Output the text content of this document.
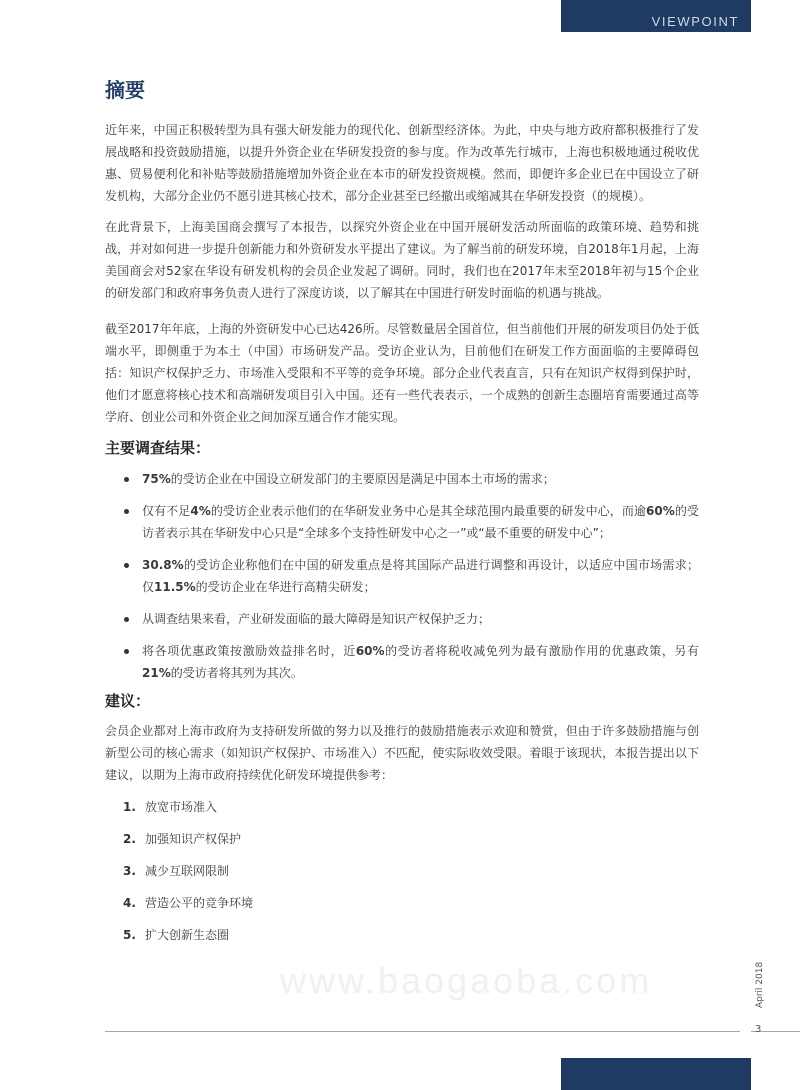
VIEWPOINT
摘要

近年来，中国正积极转型为具有强大研发能力的现代化、创新型经济体。为此，中央与地方政府都积极推行了发展战略和投资鼓励措施，以提升外资企业在华研发投资的参与度。作为改革先行城市，上海也积极地通过税收优惠、贸易便利化和补贴等鼓励措施增加外资企业在本市的研发投资规模。然而，即便许多企业已在中国设立了研发机构，大部分企业仍不愿引进其核心技术，部分企业甚至已经撤出或缩减其在华研发投资（的规模）。

在此背景下，上海美国商会撰写了本报告，以探究外资企业在中国开展研发活动所面临的政策环境、趋势和挑战，并对如何进一步提升创新能力和外资研发水平提出了建议。为了解当前的研发环境，自2018年1月起，上海美国商会对52家在华设有研发机构的会员企业发起了调研。同时，我们也在2017年末至2018年初与15个企业的研发部门和政府事务负责人进行了深度访谈，以了解其在中国进行研发时面临的机遇与挑战。

截至2017年年底，上海的外资研发中心已达426所。尽管数量居全国首位，但当前他们开展的研发项目仍处于低端水平，即侧重于为本土（中国）市场研发产品。受访企业认为，目前他们在研发工作方面面临的主要障碍包括：知识产权保护乏力、市场准入受限和不平等的竞争环境。部分企业代表直言，只有在知识产权得到保护时，他们才愿意将核心技术和高端研发项目引入中国。还有一些代表表示，一个成熟的创新生态圈培育需要通过高等学府、创业公司和外资企业之间加深互通合作才能实现。

主要调查结果：
75%的受访企业在中国设立研发部门的主要原因是满足中国本土市场的需求；
仅有不足4%的受访企业表示他们的在华研发业务中心是其全球范围内最重要的研发中心，而逾60%的受访者表示其在华研发中心只是“全球多个支持性研发中心之一”或“最不重要的研发中心”；
30.8%的受访企业称他们在中国的研发重点是将其国际产品进行调整和再设计，以适应中国市场需求；仅11.5%的受访企业在华进行高精尖研发；
从调查结果来看，产业研发面临的最大障碍是知识产权保护乏力；
将各项优惠政策按激励效益排名时，近60%的受访者将税收减免列为最有激励作用的优惠政策，另有21%的受访者将其列为其次。
建议：

会员企业都对上海市政府为支持研发所做的努力以及推行的鼓励措施表示欢迎和赞赏，但由于许多鼓励措施与创新型公司的核心需求（如知识产权保护、市场准入）不匹配，使实际收效受限。着眼于该现状，本报告提出以下建议，以期为上海市政府持续优化研发环境提供参考：

1. 放宽市场准入
2. 加强知识产权保护
3. 减少互联网限制
4. 营造公平的竞争环境
5. 扩大创新生态圈
www.baogaoba.com	April 2018
3
